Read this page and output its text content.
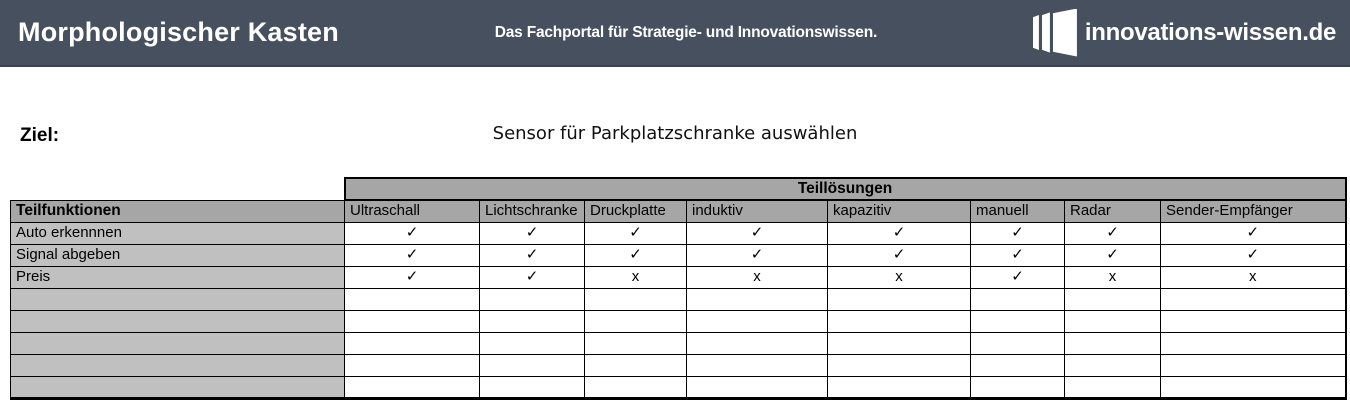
Morphologischer Kasten	Das Fachportal für Strategie- und Innovationswissen.	innovations-wissen.de
Ziel:	Sensor für Parkplatzschranke auswählen
	Teillösungen							
Teilfunktionen	Ultraschall	Lichtschranke	Druckplatte	induktiv	kapazitiv	manuell	Radar	Sender-Empfänger
Auto erkennnen	✓	✓	✓	✓	✓	✓	✓	✓
Signal abgeben	✓	✓	✓	✓	✓	✓	✓	✓
Preis	✓	✓	x	x	x	✓	x	x
